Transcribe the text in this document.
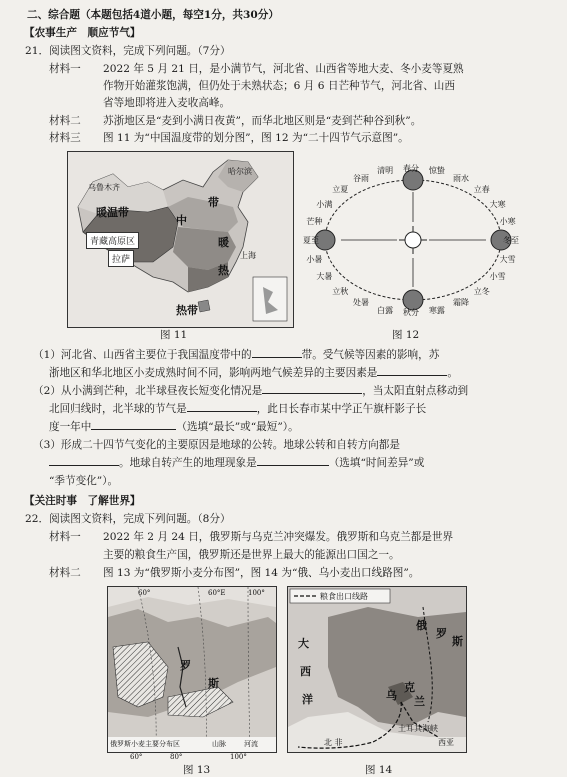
二、综合题（本题包括4道小题，每空1分，共30分）
【农事生产　顺应节气】
21．阅读图文资料，完成下列问题。（7分）
材料一 2022 年 5 月 21 日，是小满节气，河北省、山西省等地大麦、冬小麦等夏熟
作物开始灌浆饱满，但仍处于未熟状态；6 月 6 日芒种节气，河北省、山西
省等地即将进入麦收高峰。
材料二 苏浙地区是“麦到小满日夜黄”，而华北地区则是“麦到芒种谷到秋”。
材料三 图 11 为“中国温度带的划分图”，图 12 为“二十四节气示意图”。
乌鲁木齐
暖温带
中
带
青藏高原区
拉萨	上海
热带
哈尔滨
暖
热
图 11
春分
清明
谷雨
立夏
小满
芒种
夏至
小暑
大暑
立秋
处暑
白露 秋分 寒露
霜降
立冬
小雪
大雪
冬至
小寒
大寒
立春
雨水
惊蛰
图 12
（1）河北省、山西省主要位于我国温度带中的	带。受气候等因素的影响，苏
浙地区和华北地区小麦成熟时间不同，影响两地气候差异的主要因素是	。
（2）从小满到芒种，北半球昼夜长短变化情况是	，当太阳直射点移动到
北回归线时，北半球的节气是	，此日长春市某中学正午旗杆影子长
度一年中	（选填“最长”或“最短”）。
（3）形成二十四节气变化的主要原因是地球的公转。地球公转和自转方向都是
。地球自转产生的地理现象是	（选填“时间差异”或
“季节变化”）。
【关注时事　了解世界】
22．阅读图文资料，完成下列问题。（8分）
材料一 2022 年 2 月 24 日，俄罗斯与乌克兰冲突爆发。俄罗斯和乌克兰都是世界
主要的粮食生产国，俄罗斯还是世界上最大的能源出口国之一。
材料二 图 13 为“俄罗斯小麦分布图”，图 14 为“俄、乌小麦出口线路图”。
俄罗斯小麦主要分布区	山脉	河流
60°E	100°
60°
罗
斯
60°	80°	100°
图 13
粮食出口线路
俄
罗
斯
大
西
洋	乌
克
兰
土耳其海峡
北 非	西亚
图 14
